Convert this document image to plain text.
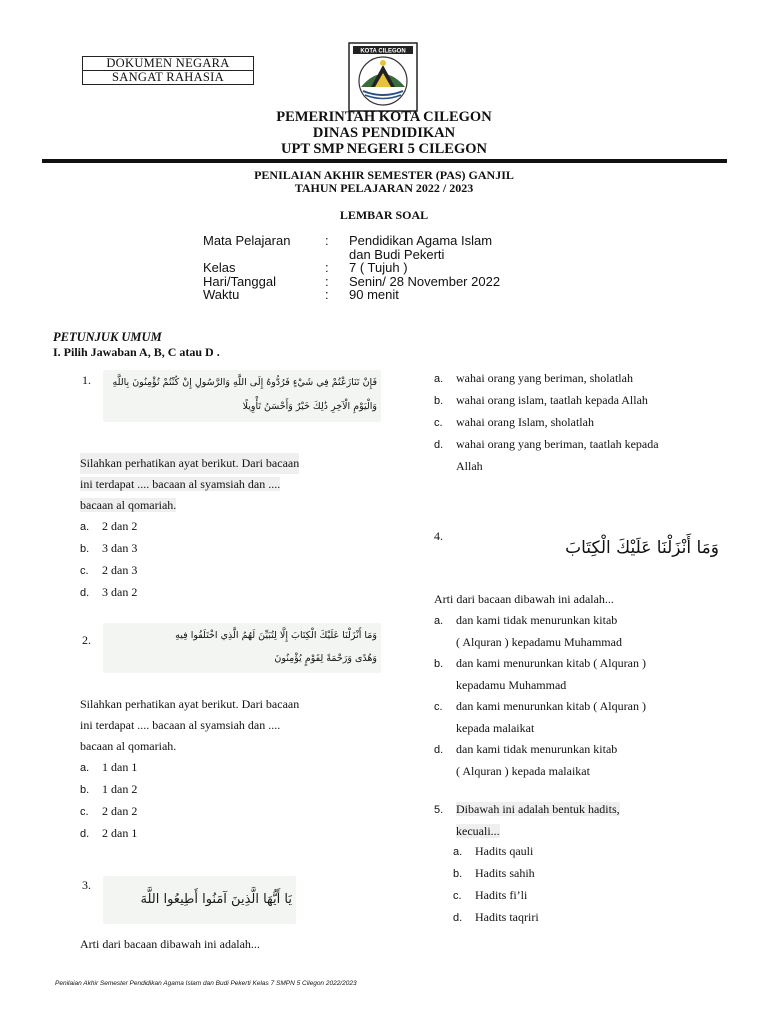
DOKUMEN NEGARA
SANGAT RAHASIA
KOTA CILEGON
PEMERINTAH KOTA CILEGON
DINAS PENDIDIKAN
UPT SMP NEGERI 5 CILEGON
PENILAIAN AKHIR SEMESTER (PAS) GANJIL
TAHUN PELAJARAN 2022 / 2023
LEMBAR SOAL
Mata Pelajaran	:	Pendidikan Agama Islam
dan Budi Pekerti
Kelas	:	7 ( Tujuh )
Hari/Tanggal	:	Senin/ 28 November 2022
Waktu	:	90 menit
PETUNJUK UMUM
I. Pilih Jawaban A, B, C atau D .
1.	فَإِنْ تَنَازَعْتُمْ فِي شَيْءٍ فَرُدُّوهُ إِلَى اللَّهِ وَالرَّسُولِ إِنْ كُنْتُمْ تُؤْمِنُونَ بِاللَّهِ
وَالْيَوْمِ الْآخِرِ ذَٰلِكَ خَيْرٌ وَأَحْسَنُ تَأْوِيلًا
Silahkan perhatikan ayat berikut. Dari bacaan
ini terdapat .... bacaan al syamsiah dan ....
bacaan al qomariah.
a. 2 dan 2
b. 3 dan 3
c. 2 dan 3
d. 3 dan 2
2.	وَمَا أَنْزَلْنَا عَلَيْكَ الْكِتَابَ إِلَّا لِتُبَيِّنَ لَهُمُ الَّذِي اخْتَلَفُوا فِيهِ
وَهُدًى وَرَحْمَةً لِقَوْمٍ يُؤْمِنُونَ
Silahkan perhatikan ayat berikut. Dari bacaan
ini terdapat .... bacaan al syamsiah dan ....
bacaan al qomariah.
a. 1 dan 1
b. 1 dan 2
c. 2 dan 2
d. 2 dan 1
3.
يَا أَيُّهَا الَّذِينَ آمَنُوا أَطِيعُوا اللَّهَ
Arti dari bacaan dibawah ini adalah...
a. wahai orang yang beriman, sholatlah
b. wahai orang islam, taatlah kepada Allah
c. wahai orang Islam, sholatlah
d. wahai orang yang beriman, taatlah kepada
Allah
4.
وَمَا أَنْزَلْنَا عَلَيْكَ الْكِتَابَ
Arti dari bacaan dibawah ini adalah...
a. dan kami tidak menurunkan kitab
( Alquran ) kepadamu Muhammad
b. dan kami menurunkan kitab ( Alquran )
kepadamu Muhammad
c. dan kami menurunkan kitab ( Alquran )
kepada malaikat
d. dan kami tidak menurunkan kitab
( Alquran ) kepada malaikat
5. Dibawah ini adalah bentuk hadits,
kecuali...
a. Hadits qauli
b. Hadits sahih
c. Hadits fi’li
d. Hadits taqriri
Penilaian Akhir Semester Pendidikan Agama Islam dan Budi Pekerti Kelas 7 SMPN 5 Cilegon 2022/2023
